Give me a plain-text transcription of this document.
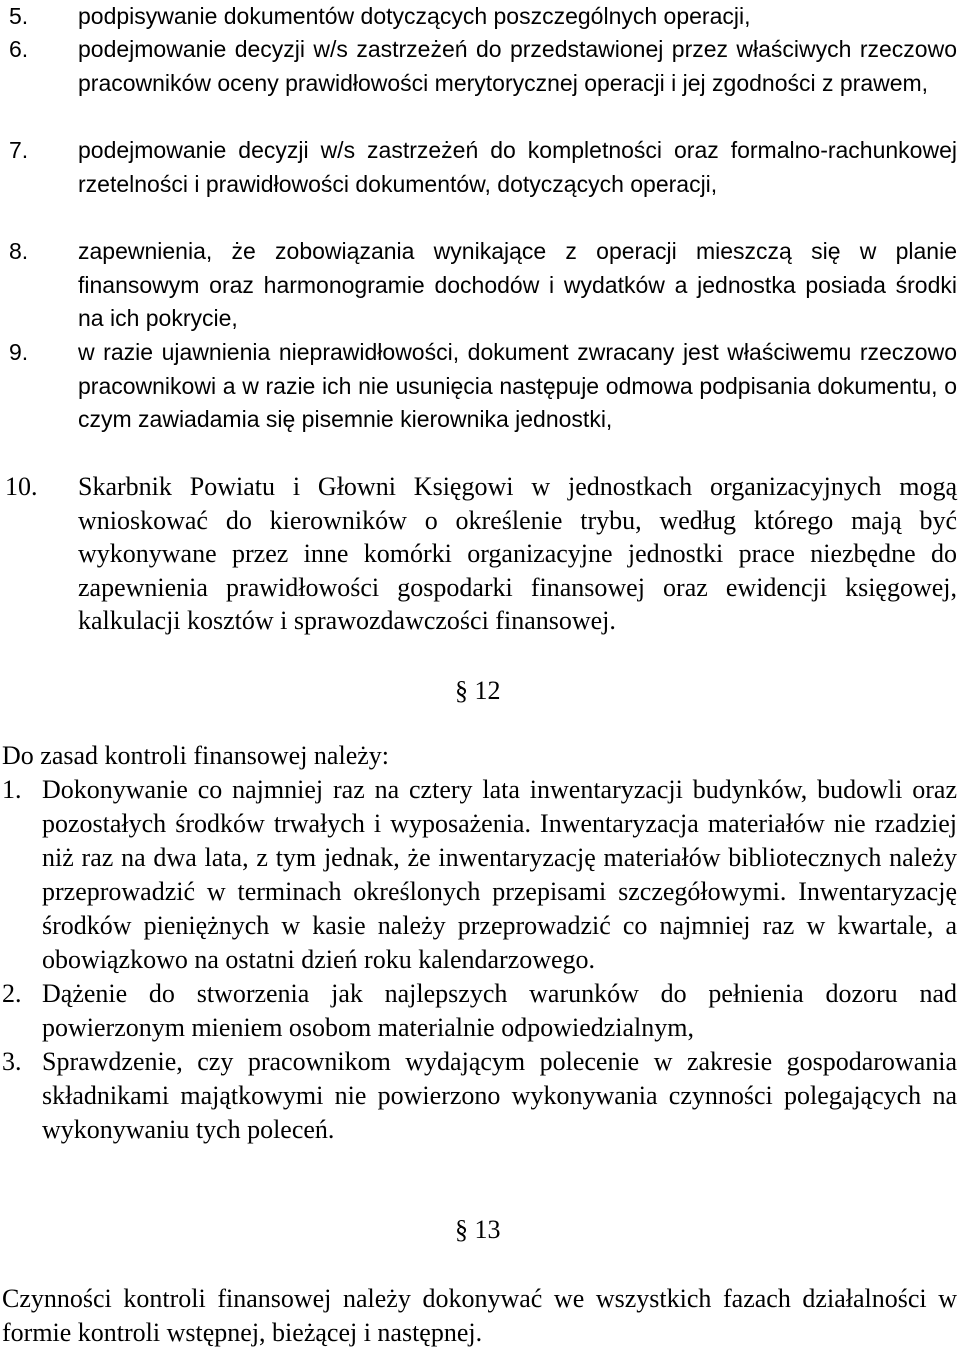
5. podpisywanie dokumentów dotyczących poszczególnych operacji,
6. podejmowanie decyzji w/s zastrzeżeń do przedstawionej przez właściwych rzeczowo pracowników oceny prawidłowości merytorycznej operacji i jej zgodności z prawem,
7. podejmowanie decyzji w/s zastrzeżeń do kompletności oraz formalno-rachunkowej rzetelności i prawidłowości dokumentów, dotyczących operacji,
8. zapewnienia, że zobowiązania wynikające z operacji mieszczą się w planie finansowym oraz harmonogramie dochodów i wydatków a jednostka posiada środki na ich pokrycie,
9. w razie ujawnienia nieprawidłowości, dokument zwracany jest właściwemu rzeczowo pracownikowi a w razie ich nie usunięcia następuje odmowa podpisania dokumentu, o czym zawiadamia się pisemnie kierownika jednostki,
10. Skarbnik Powiatu i Głowni Księgowi w jednostkach organizacyjnych mogą wnioskować do kierowników o określenie trybu, według którego mają być wykonywane przez inne komórki organizacyjne jednostki prace niezbędne do zapewnienia prawidłowości gospodarki finansowej oraz ewidencji księgowej, kalkulacji kosztów i sprawozdawczości finansowej.
§ 12
Do zasad kontroli finansowej należy:
1. Dokonywanie co najmniej raz na cztery lata inwentaryzacji budynków, budowli oraz pozostałych środków trwałych i wyposażenia. Inwentaryzacja materiałów nie rzadziej niż raz na dwa lata, z tym jednak, że inwentaryzację materiałów bibliotecznych należy przeprowadzić w terminach określonych przepisami szczegółowymi. Inwentaryzację środków pieniężnych w kasie należy przeprowadzić co najmniej raz w kwartale, a obowiązkowo na ostatni dzień roku kalendarzowego.
2. Dążenie do stworzenia jak najlepszych warunków do pełnienia dozoru nad powierzonym mieniem osobom materialnie odpowiedzialnym,
3. Sprawdzenie, czy pracownikom wydającym polecenie w zakresie gospodarowania składnikami majątkowymi nie powierzono wykonywania czynności polegających na wykonywaniu tych poleceń.
§ 13

Czynności kontroli finansowej należy dokonywać we wszystkich fazach działalności w formie kontroli wstępnej, bieżącej i następnej.
